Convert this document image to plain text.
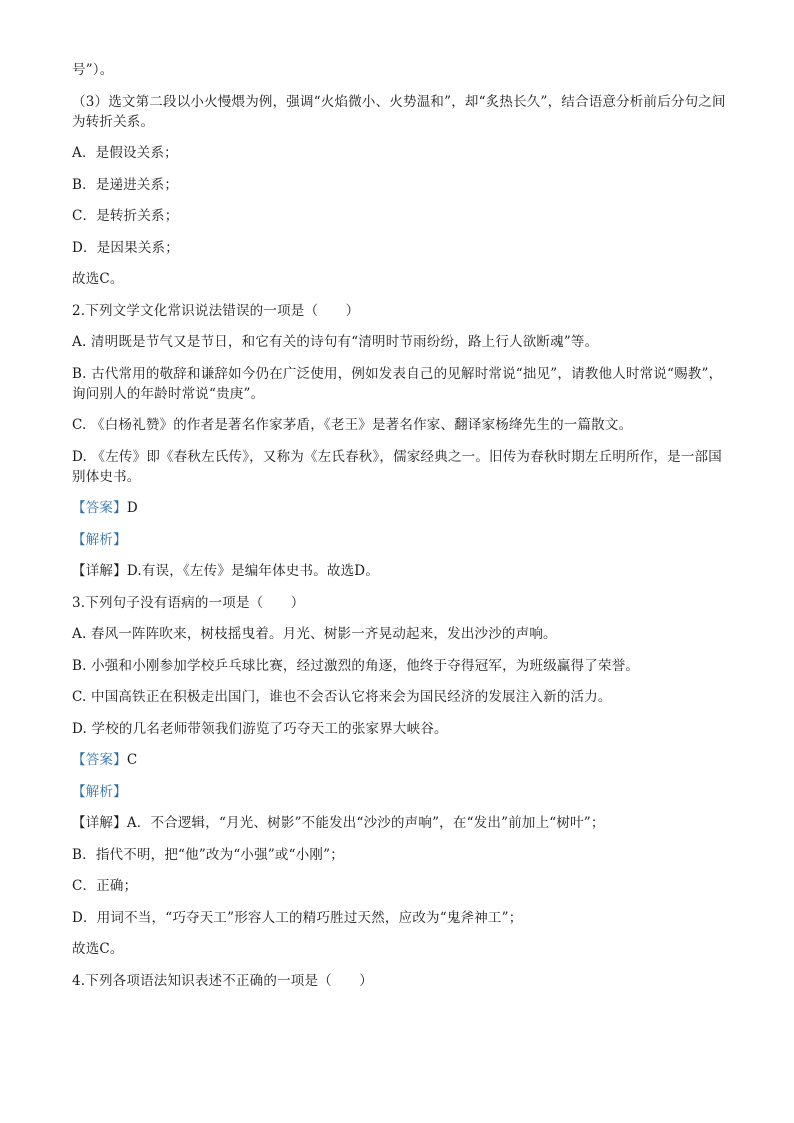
号”）。

（3）选文第二段以小火慢煨为例，强调“火焰微小、火势温和”，却“炙热长久”，结合语意分析前后分句之间为转折关系。

A．是假设关系；

B．是递进关系；

C．是转折关系；

D．是因果关系；

故选C。

2.下列文学文化常识说法错误的一项是（　　）

A. 清明既是节气又是节日，和它有关的诗句有“清明时节雨纷纷，路上行人欲断魂”等。

B. 古代常用的敬辞和谦辞如今仍在广泛使用，例如发表自己的见解时常说“拙见”，请教他人时常说“赐教”，询问别人的年龄时常说“贵庚”。

C. 《白杨礼赞》的作者是著名作家茅盾，《老王》是著名作家、翻译家杨绛先生的一篇散文。

D. 《左传》即《春秋左氏传》，又称为《左氏春秋》，儒家经典之一。旧传为春秋时期左丘明所作，是一部国别体史书。

【答案】D

【解析】

【详解】D.有误，《左传》是编年体史书。故选D。

3.下列句子没有语病的一项是（　　）

A. 春风一阵阵吹来，树枝摇曳着。月光、树影一齐晃动起来，发出沙沙的声响。

B. 小强和小刚参加学校乒乓球比赛，经过激烈的角逐，他终于夺得冠军，为班级赢得了荣誉。

C. 中国高铁正在积极走出国门，谁也不会否认它将来会为国民经济的发展注入新的活力。

D. 学校的几名老师带领我们游览了巧夺天工的张家界大峡谷。

【答案】C

【解析】

【详解】A．不合逻辑，“月光、树影”不能发出“沙沙的声响”，在“发出”前加上“树叶”；

B．指代不明，把“他”改为“小强”或“小刚”；

C．正确；

D．用词不当，“巧夺天工”形容人工的精巧胜过天然，应改为“鬼斧神工”；

故选C。

4.下列各项语法知识表述不正确的一项是（　　）
